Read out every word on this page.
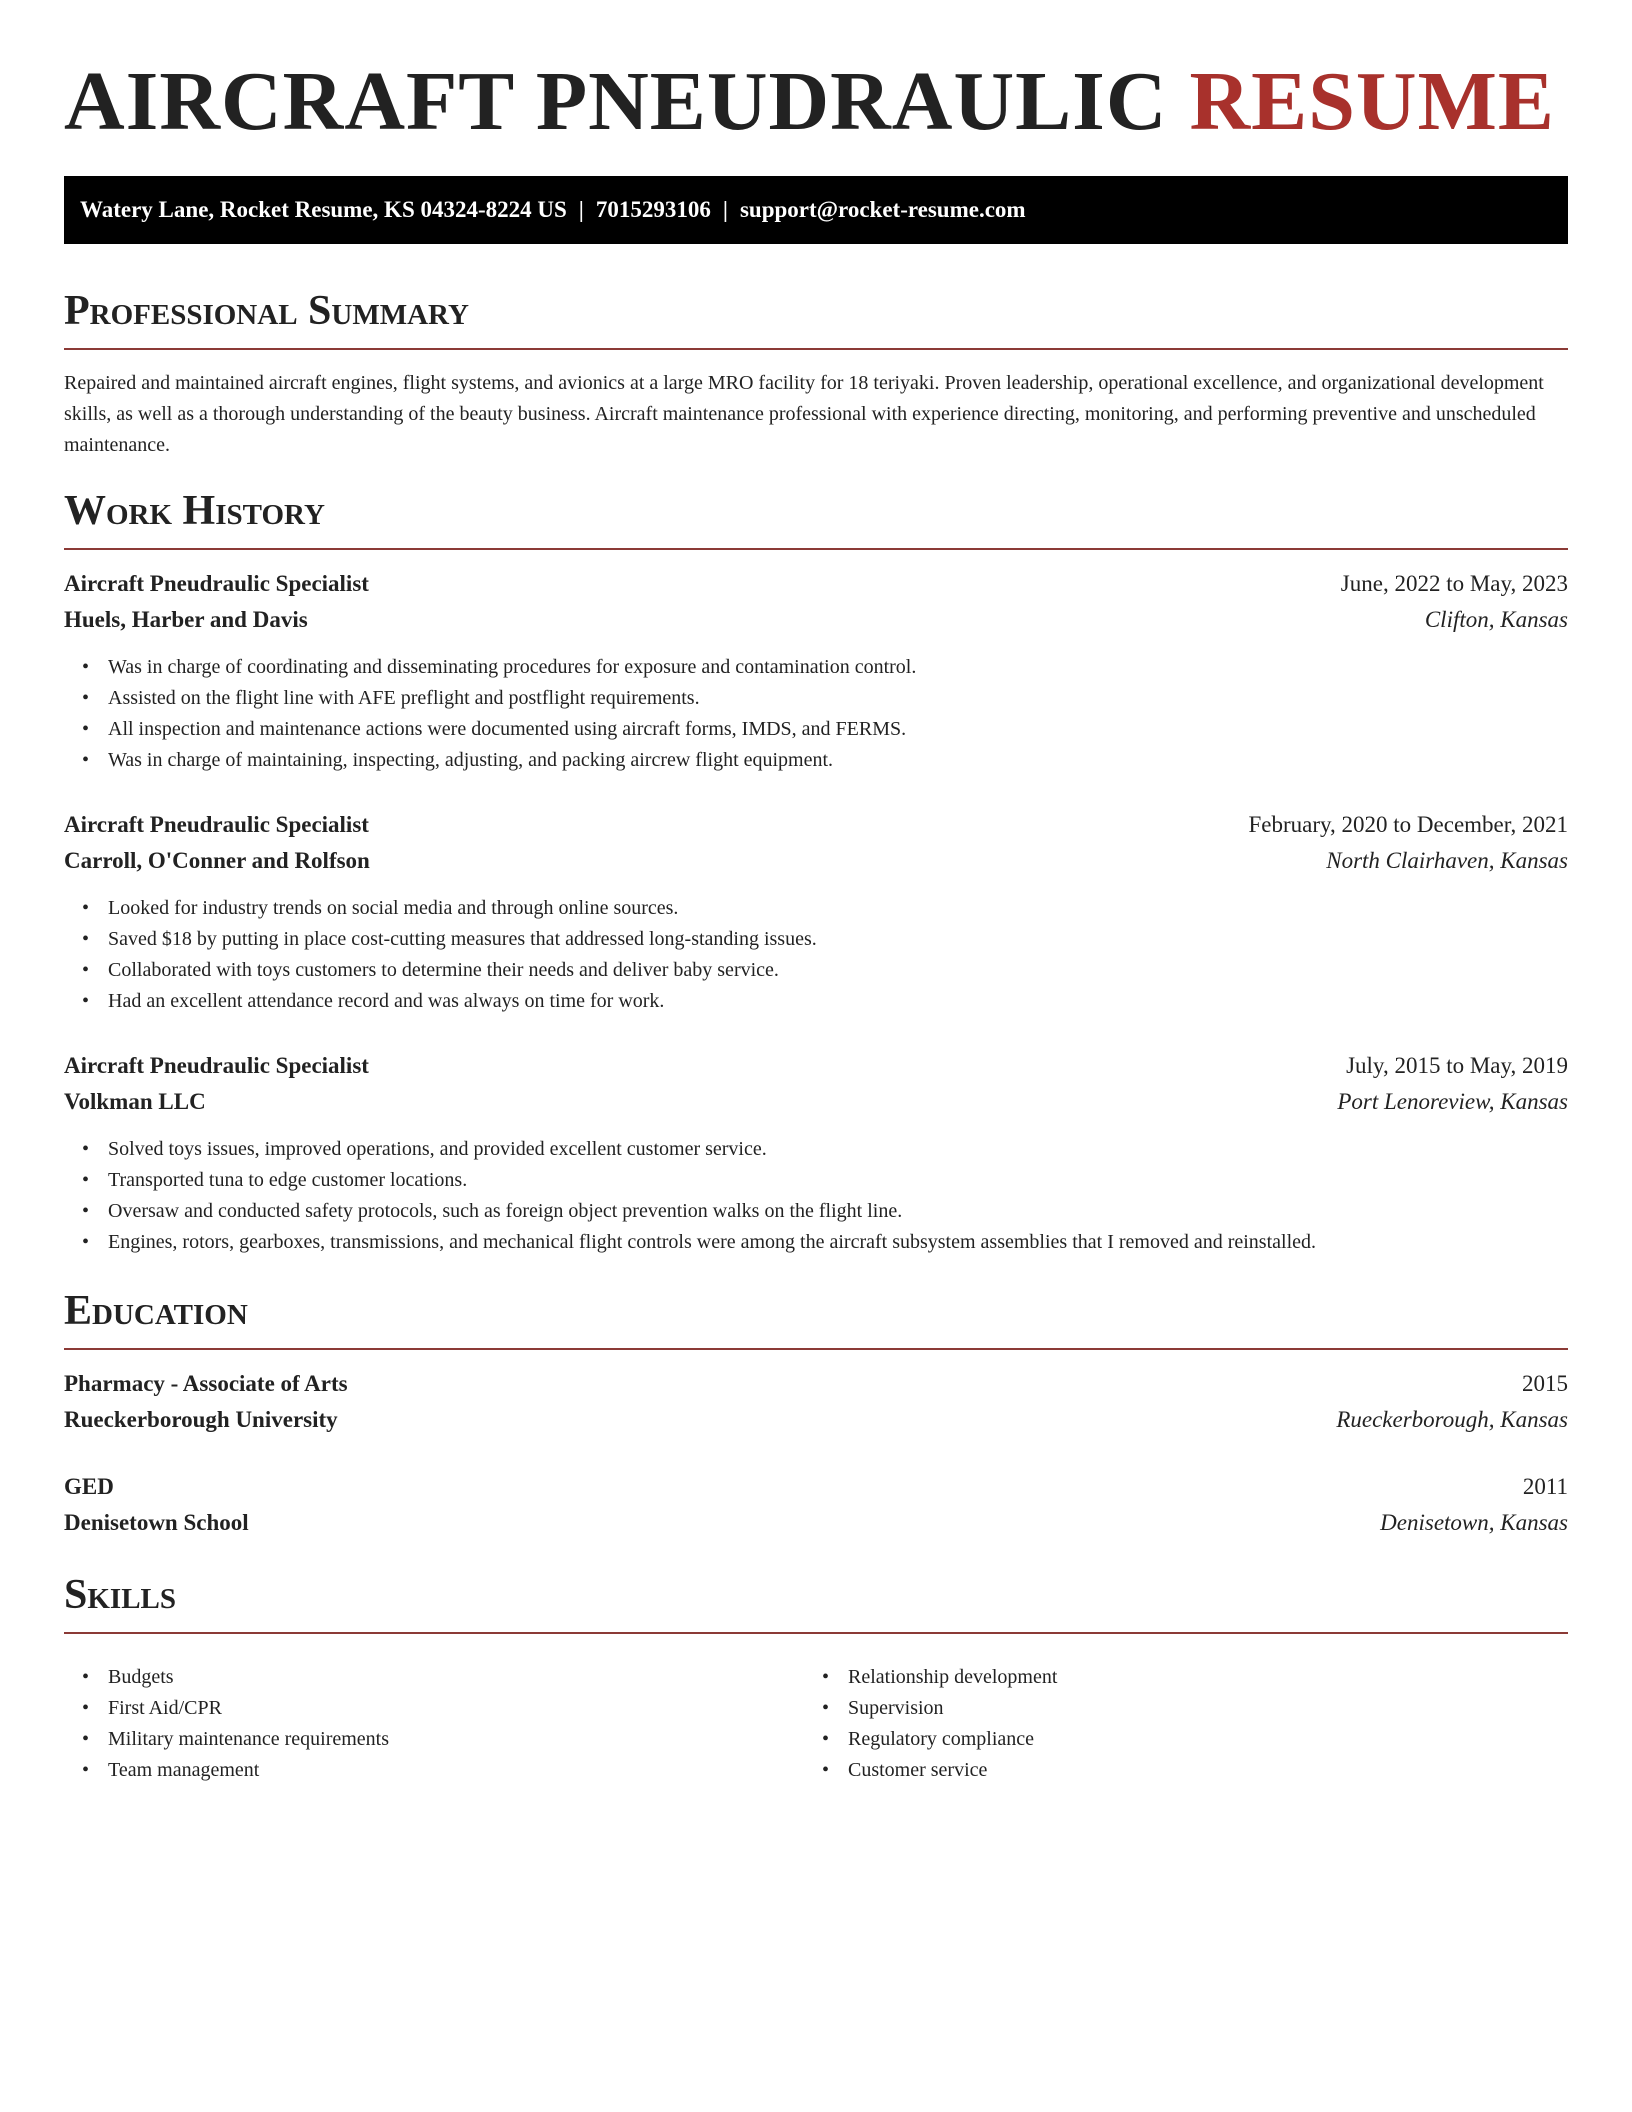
AIRCRAFT PNEUDRAULIC RESUME
Watery Lane, Rocket Resume, KS 04324-8224 US | 7015293106 | support@rocket-resume.com
Professional Summary

Repaired and maintained aircraft engines, flight systems, and avionics at a large MRO facility for 18 teriyaki. Proven leadership, operational excellence, and organizational development skills, as well as a thorough understanding of the beauty business. Aircraft maintenance professional with experience directing, monitoring, and performing preventive and unscheduled maintenance.

Work History
Aircraft Pneudraulic Specialist	June, 2022 to May, 2023
Huels, Harber and Davis	Clifton, Kansas
• Was in charge of coordinating and disseminating procedures for exposure and contamination control.
• Assisted on the flight line with AFE preflight and postflight requirements.
• All inspection and maintenance actions were documented using aircraft forms, IMDS, and FERMS.
• Was in charge of maintaining, inspecting, adjusting, and packing aircrew flight equipment.
Aircraft Pneudraulic Specialist	February, 2020 to December, 2021
Carroll, O'Conner and Rolfson	North Clairhaven, Kansas
• Looked for industry trends on social media and through online sources.
• Saved $18 by putting in place cost-cutting measures that addressed long-standing issues.
• Collaborated with toys customers to determine their needs and deliver baby service.
• Had an excellent attendance record and was always on time for work.
Aircraft Pneudraulic Specialist	July, 2015 to May, 2019
Volkman LLC	Port Lenoreview, Kansas
• Solved toys issues, improved operations, and provided excellent customer service.
• Transported tuna to edge customer locations.
• Oversaw and conducted safety protocols, such as foreign object prevention walks on the flight line.
• Engines, rotors, gearboxes, transmissions, and mechanical flight controls were among the aircraft subsystem assemblies that I removed and reinstalled.
Education
Pharmacy - Associate of Arts	2015
Rueckerborough University	Rueckerborough, Kansas
GED	2011
Denisetown School	Denisetown, Kansas
Skills
• Budgets
• First Aid/CPR
• Military maintenance requirements
• Team management
• Relationship development
• Supervision
• Regulatory compliance
• Customer service
